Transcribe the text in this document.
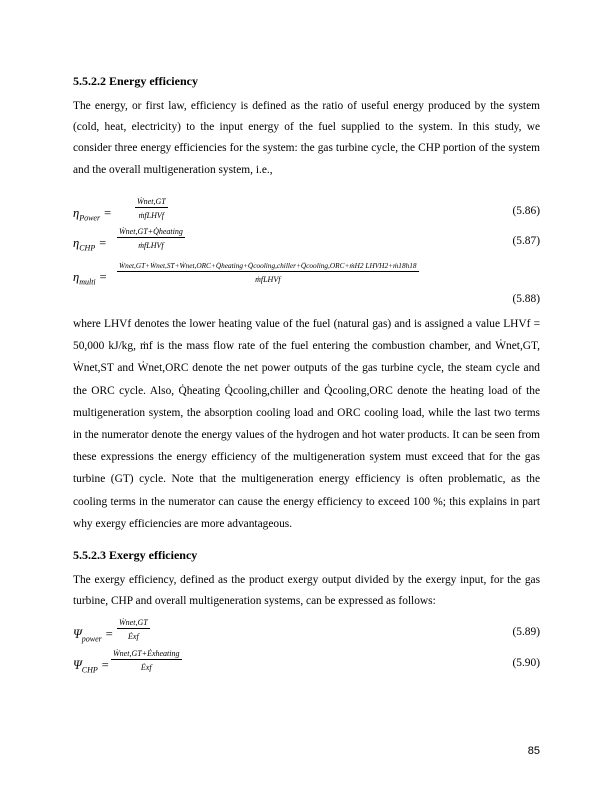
5.5.2.2 Energy efficiency
The energy, or first law, efficiency is defined as the ratio of useful energy produced by the system (cold, heat, electricity) to the input energy of the fuel supplied to the system. In this study, we consider three energy efficiencies for the system: the gas turbine cycle, the CHP portion of the system and the overall multigeneration system, i.e.,
$\eta_{Power}$ =
Ẇnet,GT
ṁfLHVf	(5.86)
$\eta_{CHP}$ =
Ẇnet,GT+Q̇heating
ṁfLHVf	(5.87)
$\eta_{multi}$ =
Ẇnet,GT+Ẇnet,ST+Ẇnet,ORC+Q̇heating+Q̇cooling,chiller+Q̇cooling,ORC+ṁH2 LHVH2+ṁ18h18
ṁfLHVf
(5.88)
where LHVf denotes the lower heating value of the fuel (natural gas) and is assigned a value LHVf = 50,000 kJ/kg, ṁf is the mass flow rate of the fuel entering the combustion chamber, and Ẇnet,GT, Ẇnet,ST and Ẇnet,ORC denote the net power outputs of the gas turbine cycle, the steam cycle and the ORC cycle. Also, Q̇heating Q̇cooling,chiller and Q̇cooling,ORC denote the heating load of the multigeneration system, the absorption cooling load and ORC cooling load, while the last two terms in the numerator denote the energy values of the hydrogen and hot water products. It can be seen from these expressions the energy efficiency of the multigeneration system must exceed that for the gas turbine (GT) cycle. Note that the multigeneration energy efficiency is often problematic, as the cooling terms in the numerator can cause the energy efficiency to exceed 100 %; this explains in part why exergy efficiencies are more advantageous.
5.5.2.3 Exergy efficiency
The exergy efficiency, defined as the product exergy output divided by the exergy input, for the gas turbine, CHP and overall multigeneration systems, can be expressed as follows:
$\Psi_{power}$ =
Ẇnet,GT
Ėxf	(5.89)
$\Psi_{CHP}$ =
Ẇnet,GT+Ėxheating
Ėxf	(5.90)
85
